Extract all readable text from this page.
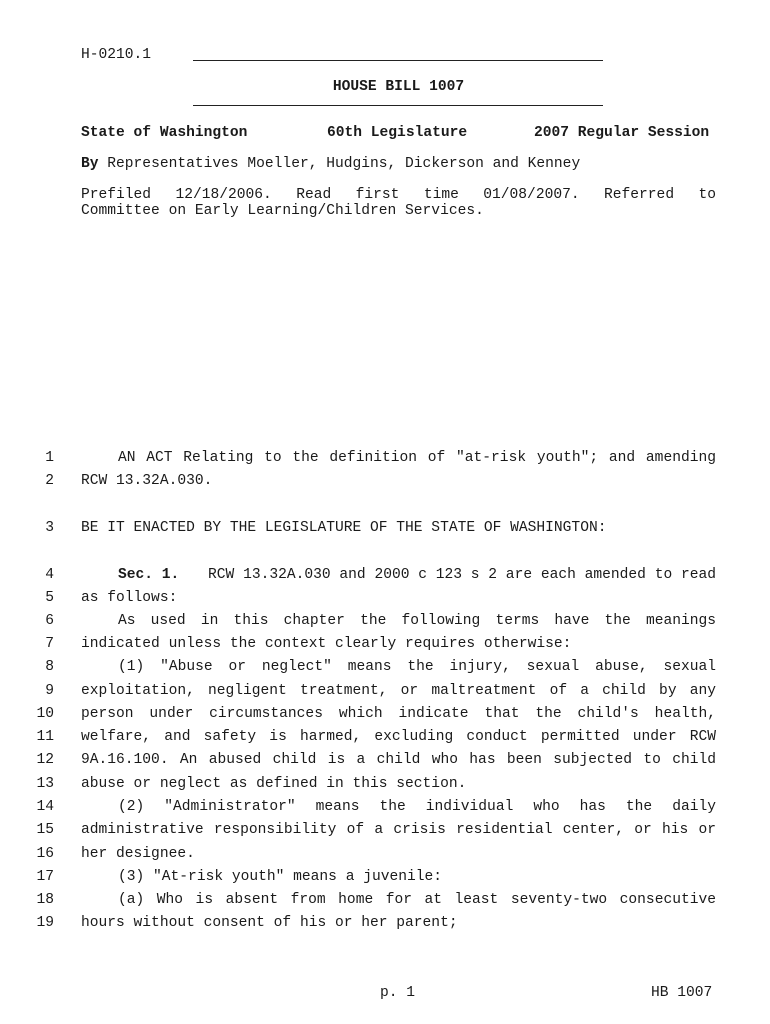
H-0210.1
HOUSE BILL 1007
State of Washington	60th Legislature	2007 Regular Session
By Representatives Moeller, Hudgins, Dickerson and Kenney
Prefiled 12/18/2006. Read first time 01/08/2007. Referred to
Committee on Early Learning/Children Services.
1	AN ACT Relating to the definition of "at-risk youth"; and amending
2 RCW 13.32A.030.
3 BE IT ENACTED BY THE LEGISLATURE OF THE STATE OF WASHINGTON:
4	Sec. 1. RCW 13.32A.030 and 2000 c 123 s 2 are each amended to read
5 as follows:
6	As used in this chapter the following terms have the meanings
7 indicated unless the context clearly requires otherwise:
8	(1) "Abuse or neglect" means the injury, sexual abuse, sexual
9 exploitation, negligent treatment, or maltreatment of a child by any
10 person under circumstances which indicate that the child's health,
11 welfare, and safety is harmed, excluding conduct permitted under RCW
12 9A.16.100. An abused child is a child who has been subjected to child
13 abuse or neglect as defined in this section.
14	(2) "Administrator" means the individual who has the daily
15 administrative responsibility of a crisis residential center, or his or
16 her designee.
17	(3) "At-risk youth" means a juvenile:
18	(a) Who is absent from home for at least seventy-two consecutive
19 hours without consent of his or her parent;
p. 1	HB 1007
